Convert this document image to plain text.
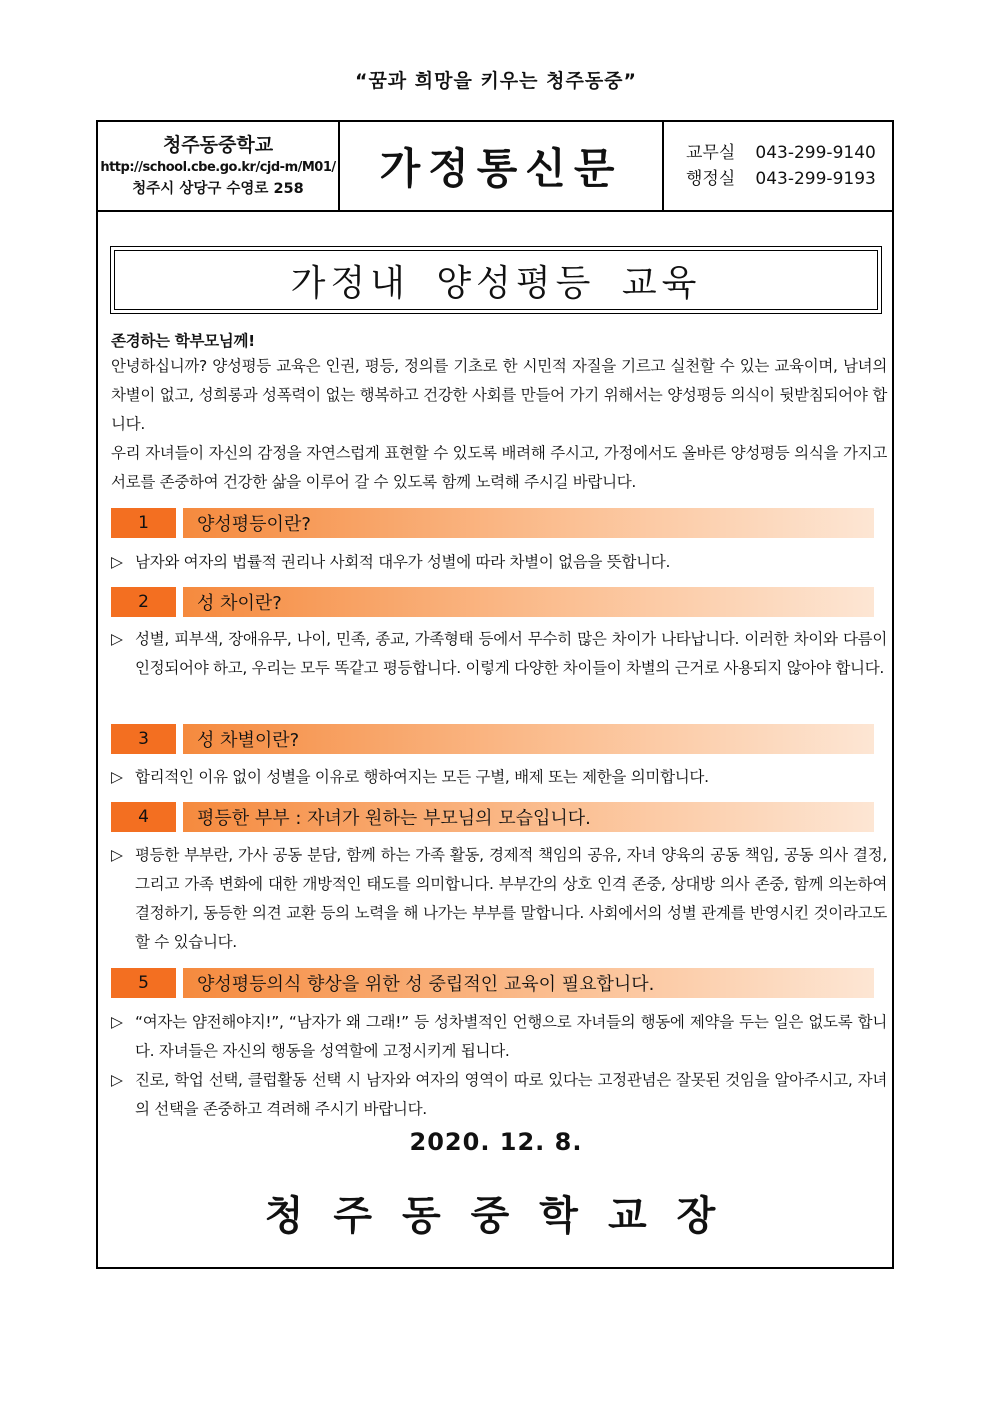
“꿈과 희망을 키우는 청주동중”
청주동중학교
http://school.cbe.go.kr/cjd-m/M01/
청주시 상당구 수영로 258	가정통신문	교무실 043-299-9140
행정실 043-299-9193
가정내 양성평등 교육
존경하는 학부모님께!
안녕하십니까? 양성평등 교육은 인권, 평등, 정의를 기초로 한 시민적 자질을 기르고 실천할 수 있는 교육이며, 남녀의 차별이 없고, 성희롱과 성폭력이 없는 행복하고 건강한 사회를 만들어 가기 위해서는 양성평등 의식이 뒷받침되어야 합니다.
우리 자녀들이 자신의 감정을 자연스럽게 표현할 수 있도록 배려해 주시고, 가정에서도 올바른 양성평등 의식을 가지고 서로를 존중하여 건강한 삶을 이루어 갈 수 있도록 함께 노력해 주시길 바랍니다.
1	양성평등이란?
▷ 남자와 여자의 법률적 권리나 사회적 대우가 성별에 따라 차별이 없음을 뜻합니다.
2	성 차이란?
▷ 성별, 피부색, 장애유무, 나이, 민족, 종교, 가족형태 등에서 무수히 많은 차이가 나타납니다. 이러한 차이와 다름이 인정되어야 하고, 우리는 모두 똑같고 평등합니다. 이렇게 다양한 차이들이 차별의 근거로 사용되지 않아야 합니다.
3	성 차별이란?
▷ 합리적인 이유 없이 성별을 이유로 행하여지는 모든 구별, 배제 또는 제한을 의미합니다.
4	평등한 부부 : 자녀가 원하는 부모님의 모습입니다.
▷ 평등한 부부란, 가사 공동 분담, 함께 하는 가족 활동, 경제적 책임의 공유, 자녀 양육의 공동 책임, 공동 의사 결정, 그리고 가족 변화에 대한 개방적인 태도를 의미합니다. 부부간의 상호 인격 존중, 상대방 의사 존중, 함께 의논하여 결정하기, 동등한 의견 교환 등의 노력을 해 나가는 부부를 말합니다. 사회에서의 성별 관계를 반영시킨 것이라고도 할 수 있습니다.
5	양성평등의식 향상을 위한 성 중립적인 교육이 필요합니다.
▷ “여자는 얌전해야지!”, “남자가 왜 그래!” 등 성차별적인 언행으로 자녀들의 행동에 제약을 두는 일은 없도록 합니다. 자녀들은 자신의 행동을 성역할에 고정시키게 됩니다.
▷ 진로, 학업 선택, 클럽활동 선택 시 남자와 여자의 영역이 따로 있다는 고정관념은 잘못된 것임을 알아주시고, 자녀의 선택을 존중하고 격려해 주시기 바랍니다.
2020. 12. 8.
청주동중학교장
